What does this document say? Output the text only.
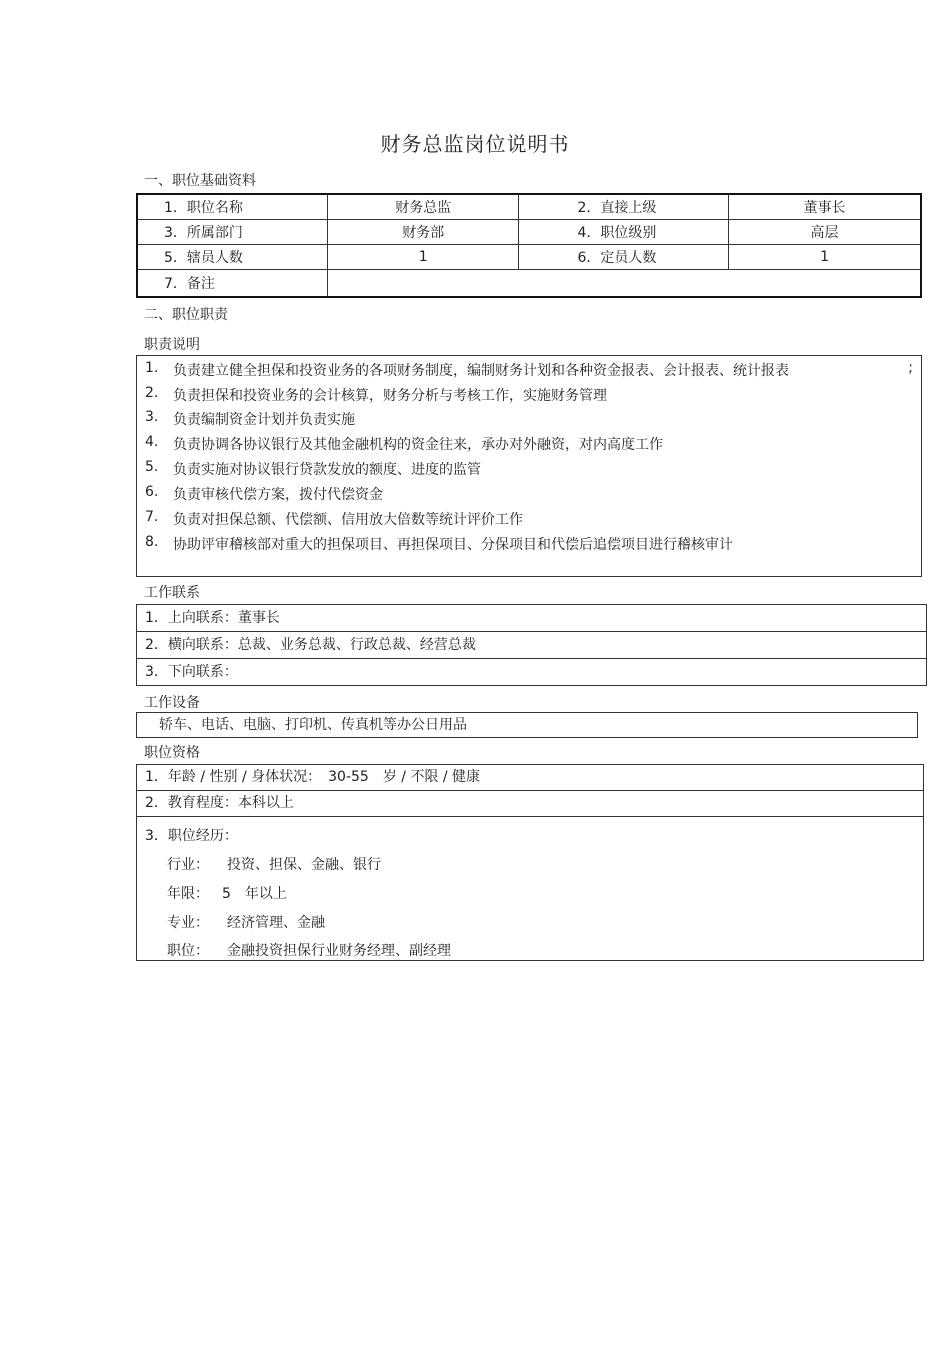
财务总监岗位说明书
一、职位基础资料
1．职位名称	财务总监	2．直接上级	董事长
3．所属部门	财务部	4．职位级别	高层
5．辖员人数	1	6．定员人数	1
7．备注			
二、职位职责
职责说明
1. 负责建立健全担保和投资业务的各项财务制度，编制财务计划和各种资金报表、会计报表、统计报表
2. 负责担保和投资业务的会计核算，财务分析与考核工作，实施财务管理
3. 负责编制资金计划并负责实施
4. 负责协调各协议银行及其他金融机构的资金往来，承办对外融资，对内高度工作
5. 负责实施对协议银行贷款发放的额度、进度的监管
6. 负责审核代偿方案，拨付代偿资金
7. 负责对担保总额、代偿额、信用放大倍数等统计评价工作
8. 协助评审稽核部对重大的担保项目、再担保项目、分保项目和代偿后追偿项目进行稽核审计
;
工作联系
1．上向联系：董事长
2．横向联系：总裁、业务总裁、行政总裁、经营总裁
3．下向联系：
工作设备
轿车、电话、电脑、打印机、传真机等办公日用品
职位资格
1．年龄 / 性别 / 身体状况：　30-55　岁 / 不限 / 健康
2．教育程度：本科以上
3．职位经历：
行业： 投资、担保、金融、银行
年限： 5　年以上
专业： 经济管理、金融
职位： 金融投资担保行业财务经理、副经理
